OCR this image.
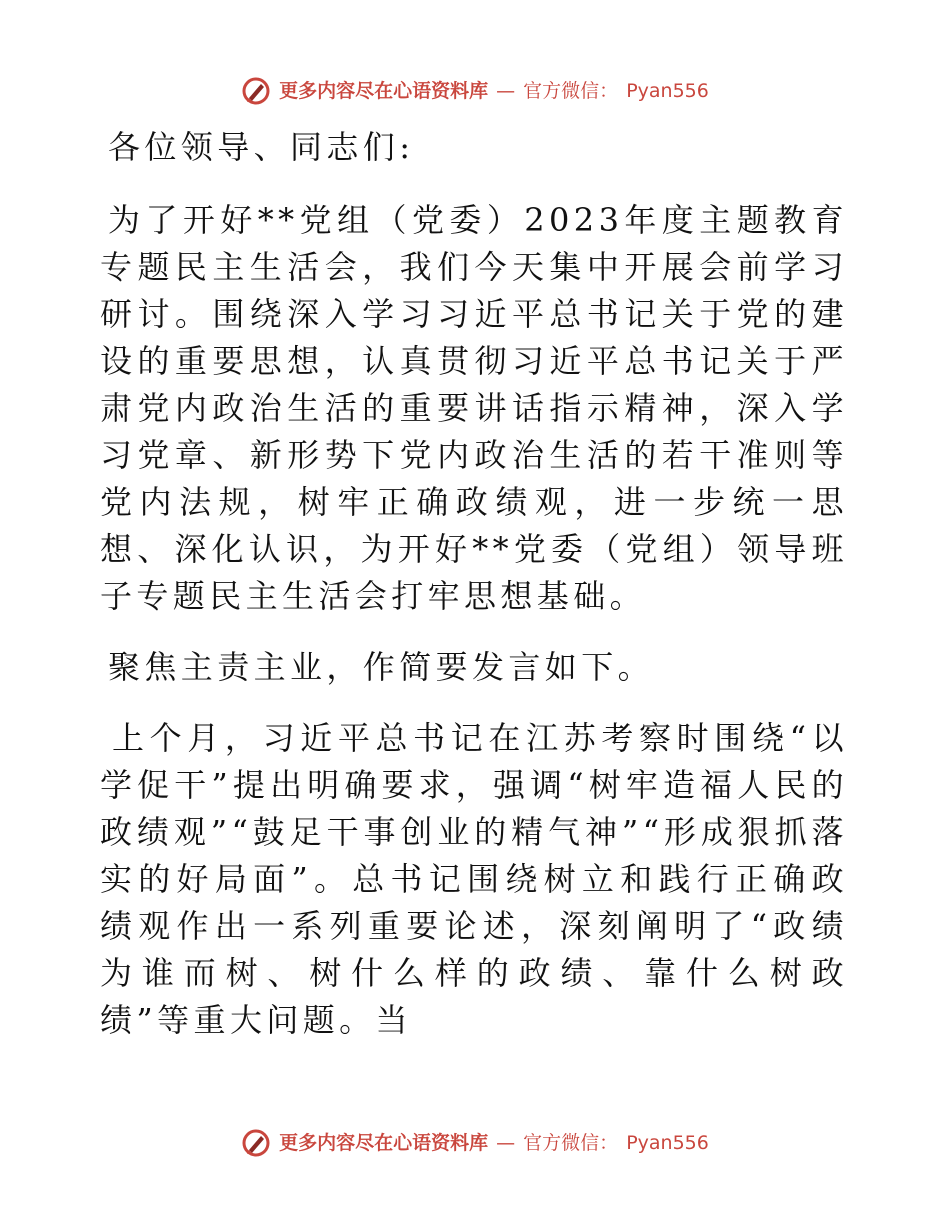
更多内容尽在心语资料库 — 官方微信： Pyan556

各位领导、同志们:

为了开好**党组（党委）2023年度主题教育专题民主生活会，我们今天集中开展会前学习研讨。围绕深入学习习近平总书记关于党的建设的重要思想，认真贯彻习近平总书记关于严肃党内政治生活的重要讲话指示精神，深入学习党章、新形势下党内政治生活的若干准则等党内法规，树牢正确政绩观，进一步统一思想、深化认识，为开好**党委（党组）领导班子专题民主生活会打牢思想基础。

聚焦主责主业，作简要发言如下。

上个月，习近平总书记在江苏考察时围绕“以学促干”提出明确要求，强调“树牢造福人民的政绩观”“鼓足干事创业的精气神”“形成狠抓落实的好局面”。总书记围绕树立和践行正确政绩观作出一系列重要论述，深刻阐明了“政绩为谁而树、树什么样的政绩、靠什么树政绩”等重大问题。当

更多内容尽在心语资料库 — 官方微信： Pyan556
